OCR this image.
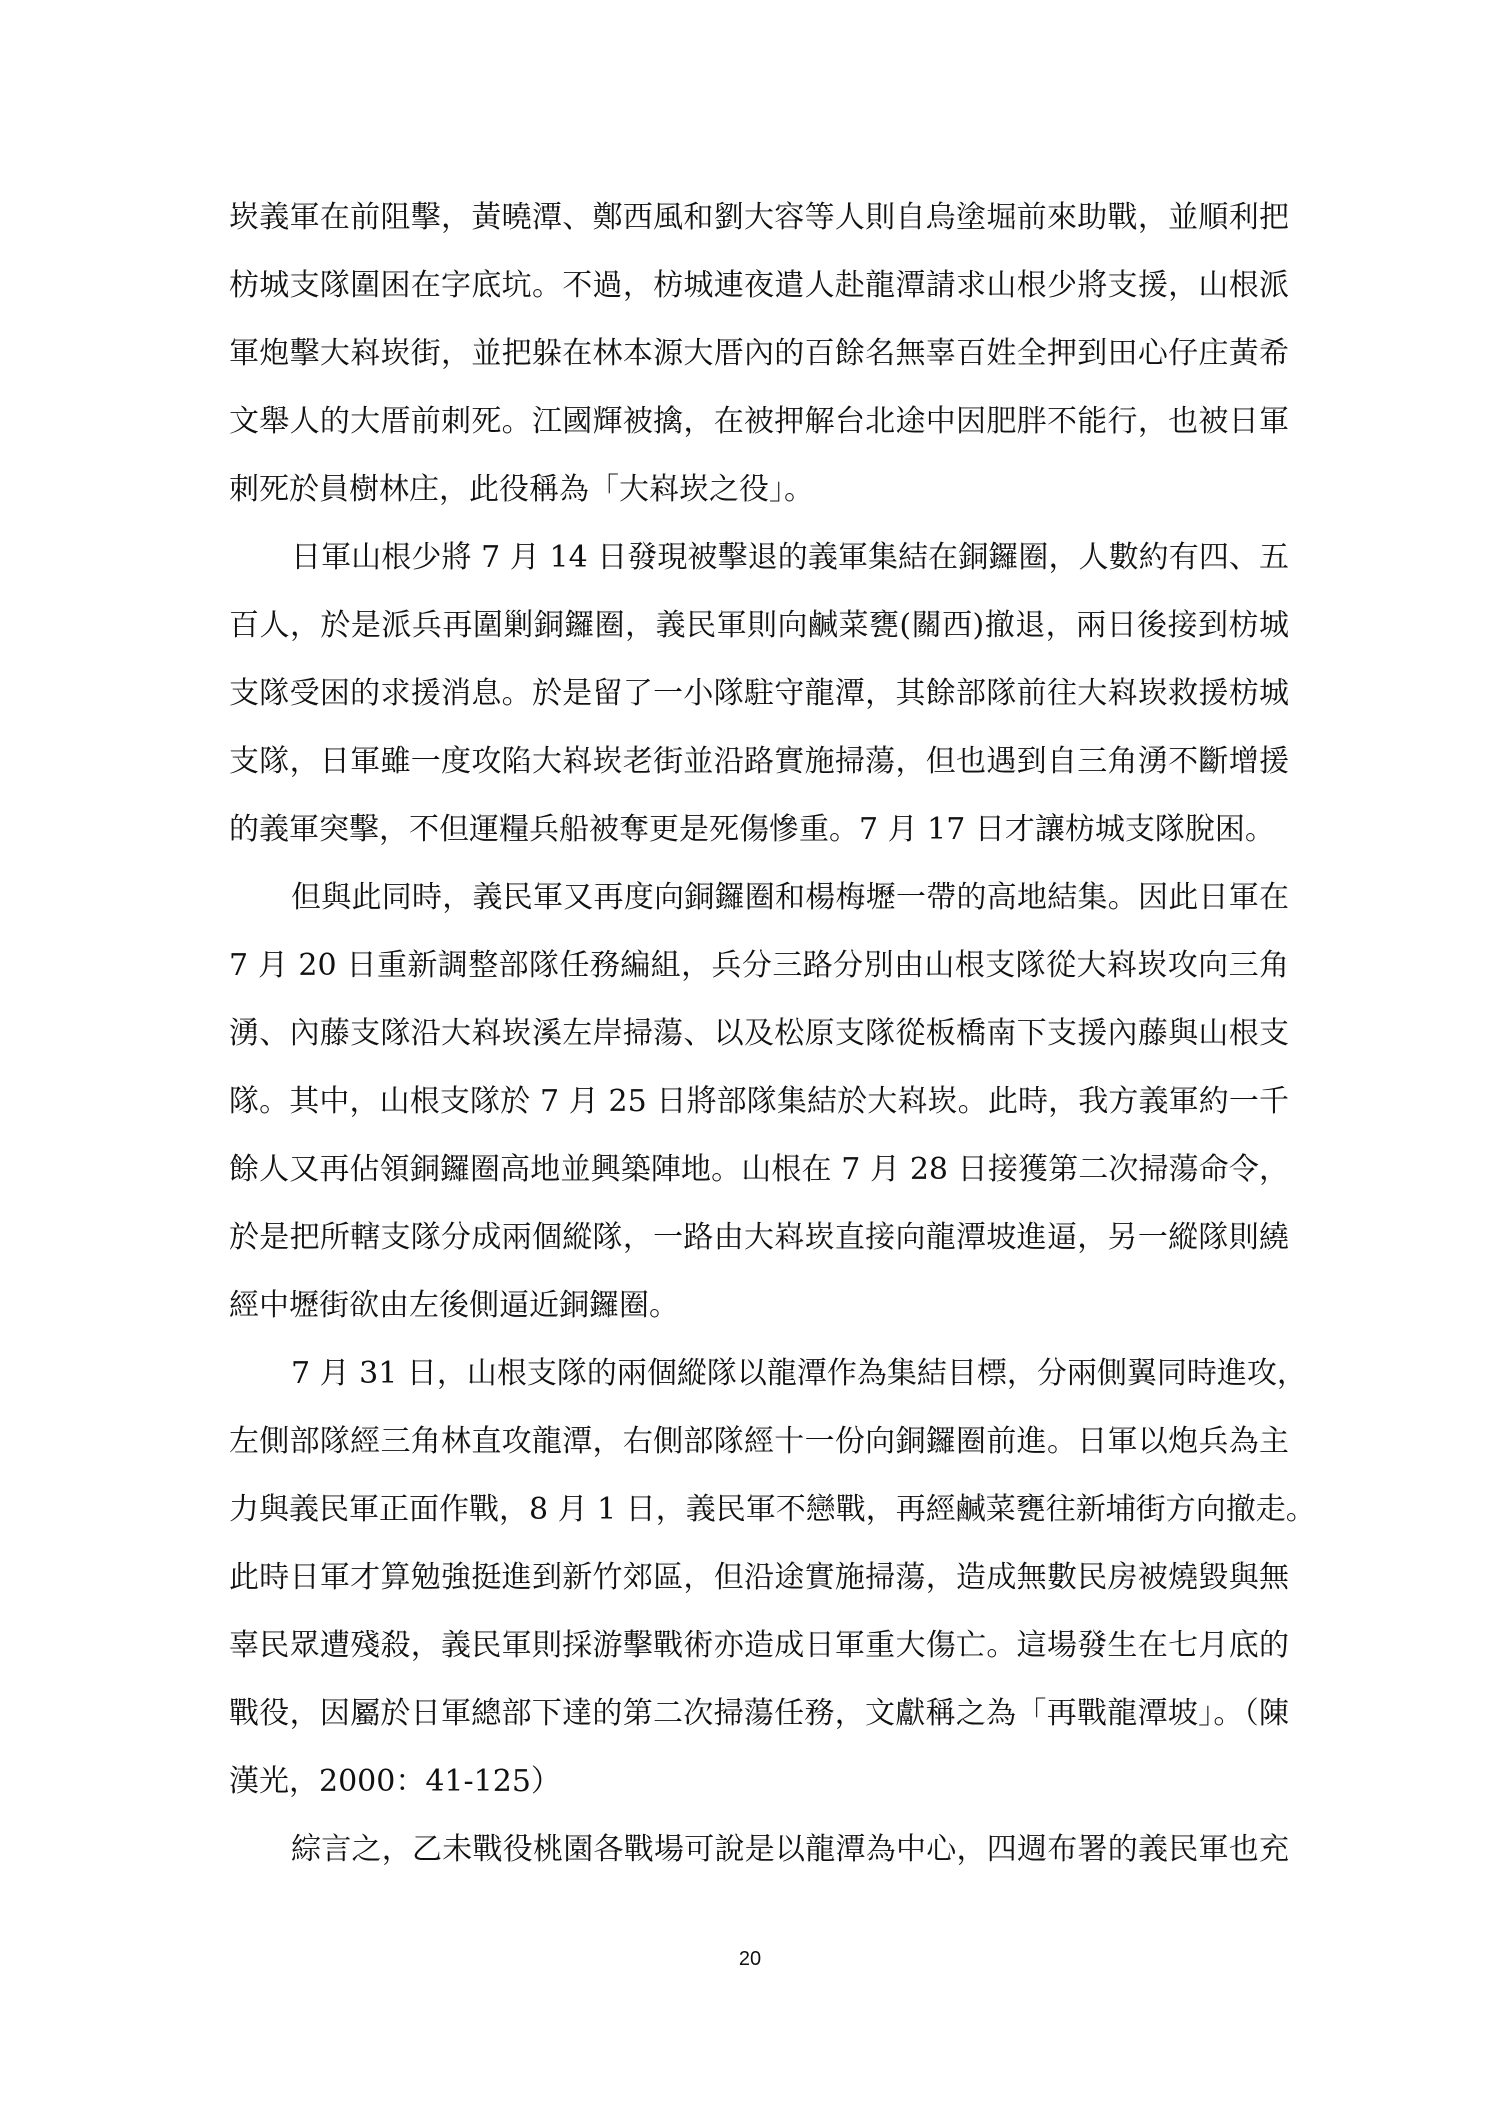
崁義軍在前阻擊，黃曉潭、鄭西風和劉大容等人則自烏塗堀前來助戰，並順利把
枋城支隊圍困在字底坑。不過，枋城連夜遣人赴龍潭請求山根少將支援，山根派
軍炮擊大嵙崁街，並把躲在林本源大厝內的百餘名無辜百姓全押到田心仔庄黃希
文舉人的大厝前刺死。江國輝被擒，在被押解台北途中因肥胖不能行，也被日軍
刺死於員樹林庄，此役稱為「大嵙崁之役」。
日軍山根少將 7 月 14 日發現被擊退的義軍集結在銅鑼圈，人數約有四、五
百人，於是派兵再圍剿銅鑼圈，義民軍則向鹹菜甕(關西)撤退，兩日後接到枋城
支隊受困的求援消息。於是留了一小隊駐守龍潭，其餘部隊前往大嵙崁救援枋城
支隊，日軍雖一度攻陷大嵙崁老街並沿路實施掃蕩，但也遇到自三角湧不斷增援
的義軍突擊，不但運糧兵船被奪更是死傷慘重。7 月 17 日才讓枋城支隊脫困。
但與此同時，義民軍又再度向銅鑼圈和楊梅壢一帶的高地結集。因此日軍在
7 月 20 日重新調整部隊任務編組，兵分三路分別由山根支隊從大嵙崁攻向三角
湧、內藤支隊沿大嵙崁溪左岸掃蕩、以及松原支隊從板橋南下支援內藤與山根支
隊。其中，山根支隊於 7 月 25 日將部隊集結於大嵙崁。此時，我方義軍約一千
餘人又再佔領銅鑼圈高地並興築陣地。山根在 7 月 28 日接獲第二次掃蕩命令，
於是把所轄支隊分成兩個縱隊，一路由大嵙崁直接向龍潭坡進逼，另一縱隊則繞
經中壢街欲由左後側逼近銅鑼圈。
7 月 31 日，山根支隊的兩個縱隊以龍潭作為集結目標，分兩側翼同時進攻，
左側部隊經三角林直攻龍潭，右側部隊經十一份向銅鑼圈前進。日軍以炮兵為主
力與義民軍正面作戰，8 月 1 日，義民軍不戀戰，再經鹹菜甕往新埔街方向撤走。
此時日軍才算勉強挺進到新竹郊區，但沿途實施掃蕩，造成無數民房被燒毀與無
辜民眾遭殘殺，義民軍則採游擊戰術亦造成日軍重大傷亡。這場發生在七月底的
戰役，因屬於日軍總部下達的第二次掃蕩任務，文獻稱之為「再戰龍潭坡」。（陳
漢光，2000：41-125）
綜言之，乙未戰役桃園各戰場可說是以龍潭為中心，四週布署的義民軍也充
20
